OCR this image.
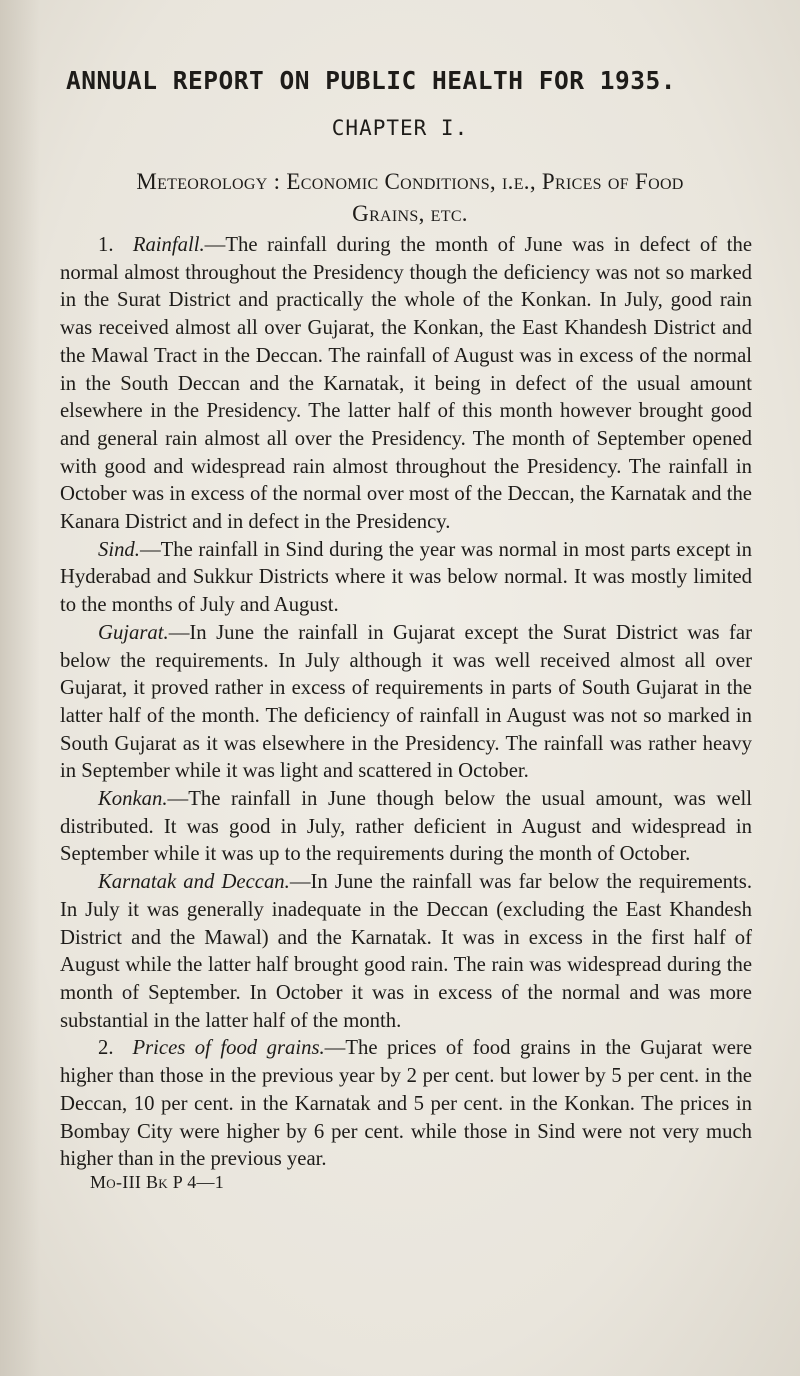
ANNUAL REPORT ON PUBLIC HEALTH FOR 1935.
CHAPTER I.
Meteorology : Economic Conditions, i.e., Prices of Food
Grains, etc.

1. Rainfall.—The rainfall during the month of June was in defect of the normal almost throughout the Presidency though the deficiency was not so marked in the Surat District and practically the whole of the Konkan. In July, good rain was received almost all over Gujarat, the Konkan, the East Khandesh District and the Mawal Tract in the Deccan. The rainfall of August was in excess of the normal in the South Deccan and the Karnatak, it being in defect of the usual amount elsewhere in the Presidency. The latter half of this month however brought good and general rain almost all over the Presidency. The month of September opened with good and widespread rain almost throughout the Presidency. The rainfall in October was in excess of the normal over most of the Deccan, the Karnatak and the Kanara District and in defect in the Presidency.

Sind.—The rainfall in Sind during the year was normal in most parts except in Hyderabad and Sukkur Districts where it was below normal. It was mostly limited to the months of July and August.

Gujarat.—In June the rainfall in Gujarat except the Surat District was far below the requirements. In July although it was well received almost all over Gujarat, it proved rather in excess of requirements in parts of South Gujarat in the latter half of the month. The deficiency of rainfall in August was not so marked in South Gujarat as it was elsewhere in the Presidency. The rainfall was rather heavy in September while it was light and scattered in October.

Konkan.—The rainfall in June though below the usual amount, was well distributed. It was good in July, rather deficient in August and widespread in September while it was up to the requirements during the month of October.

Karnatak and Deccan.—In June the rainfall was far below the requirements. In July it was generally inadequate in the Deccan (excluding the East Khandesh District and the Mawal) and the Karnatak. It was in excess in the first half of August while the latter half brought good rain. The rain was widespread during the month of September. In October it was in excess of the normal and was more substantial in the latter half of the month.

2. Prices of food grains.—The prices of food grains in the Gujarat were higher than those in the previous year by 2 per cent. but lower by 5 per cent. in the Deccan, 10 per cent. in the Karnatak and 5 per cent. in the Konkan. The prices in Bombay City were higher by 6 per cent. while those in Sind were not very much higher than in the previous year.

Mo-III Bk P 4—1
